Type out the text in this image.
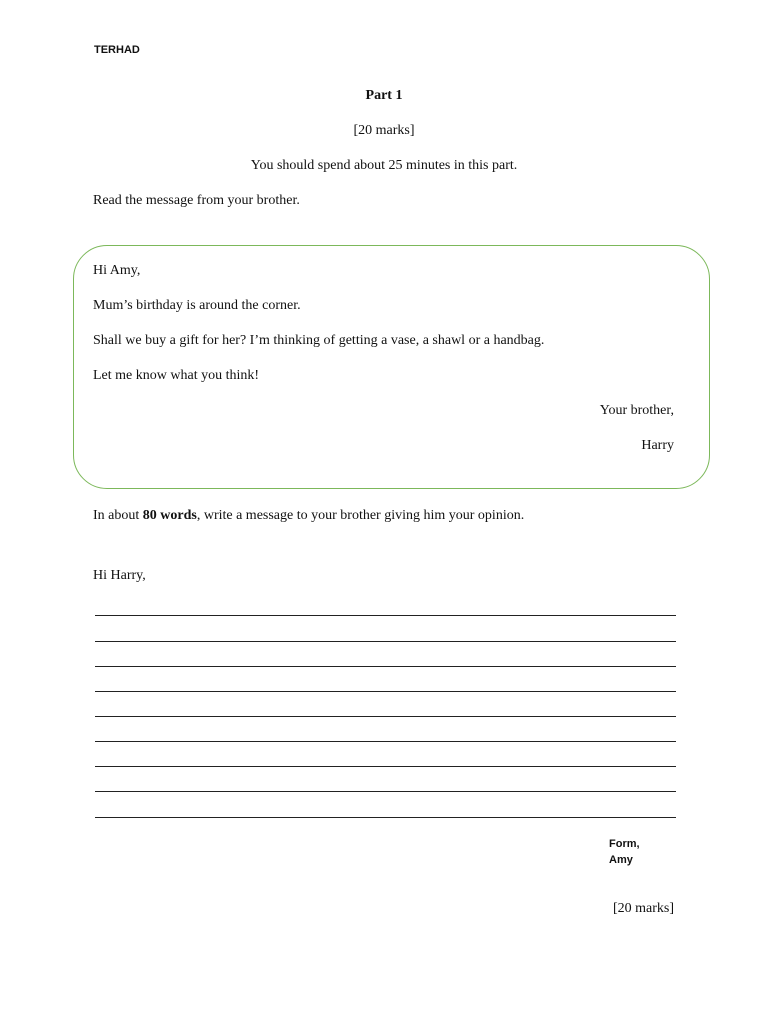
TERHAD
Part 1
[20 marks]
You should spend about 25 minutes in this part.
Read the message from your brother.
Hi Amy,
Mum’s birthday is around the corner.
Shall we buy a gift for her? I’m thinking of getting a vase, a shawl or a handbag.
Let me know what you think!
Your brother,
Harry
In about 80 words, write a message to your brother giving him your opinion.
Hi Harry,
Form,
Amy
[20 marks]
